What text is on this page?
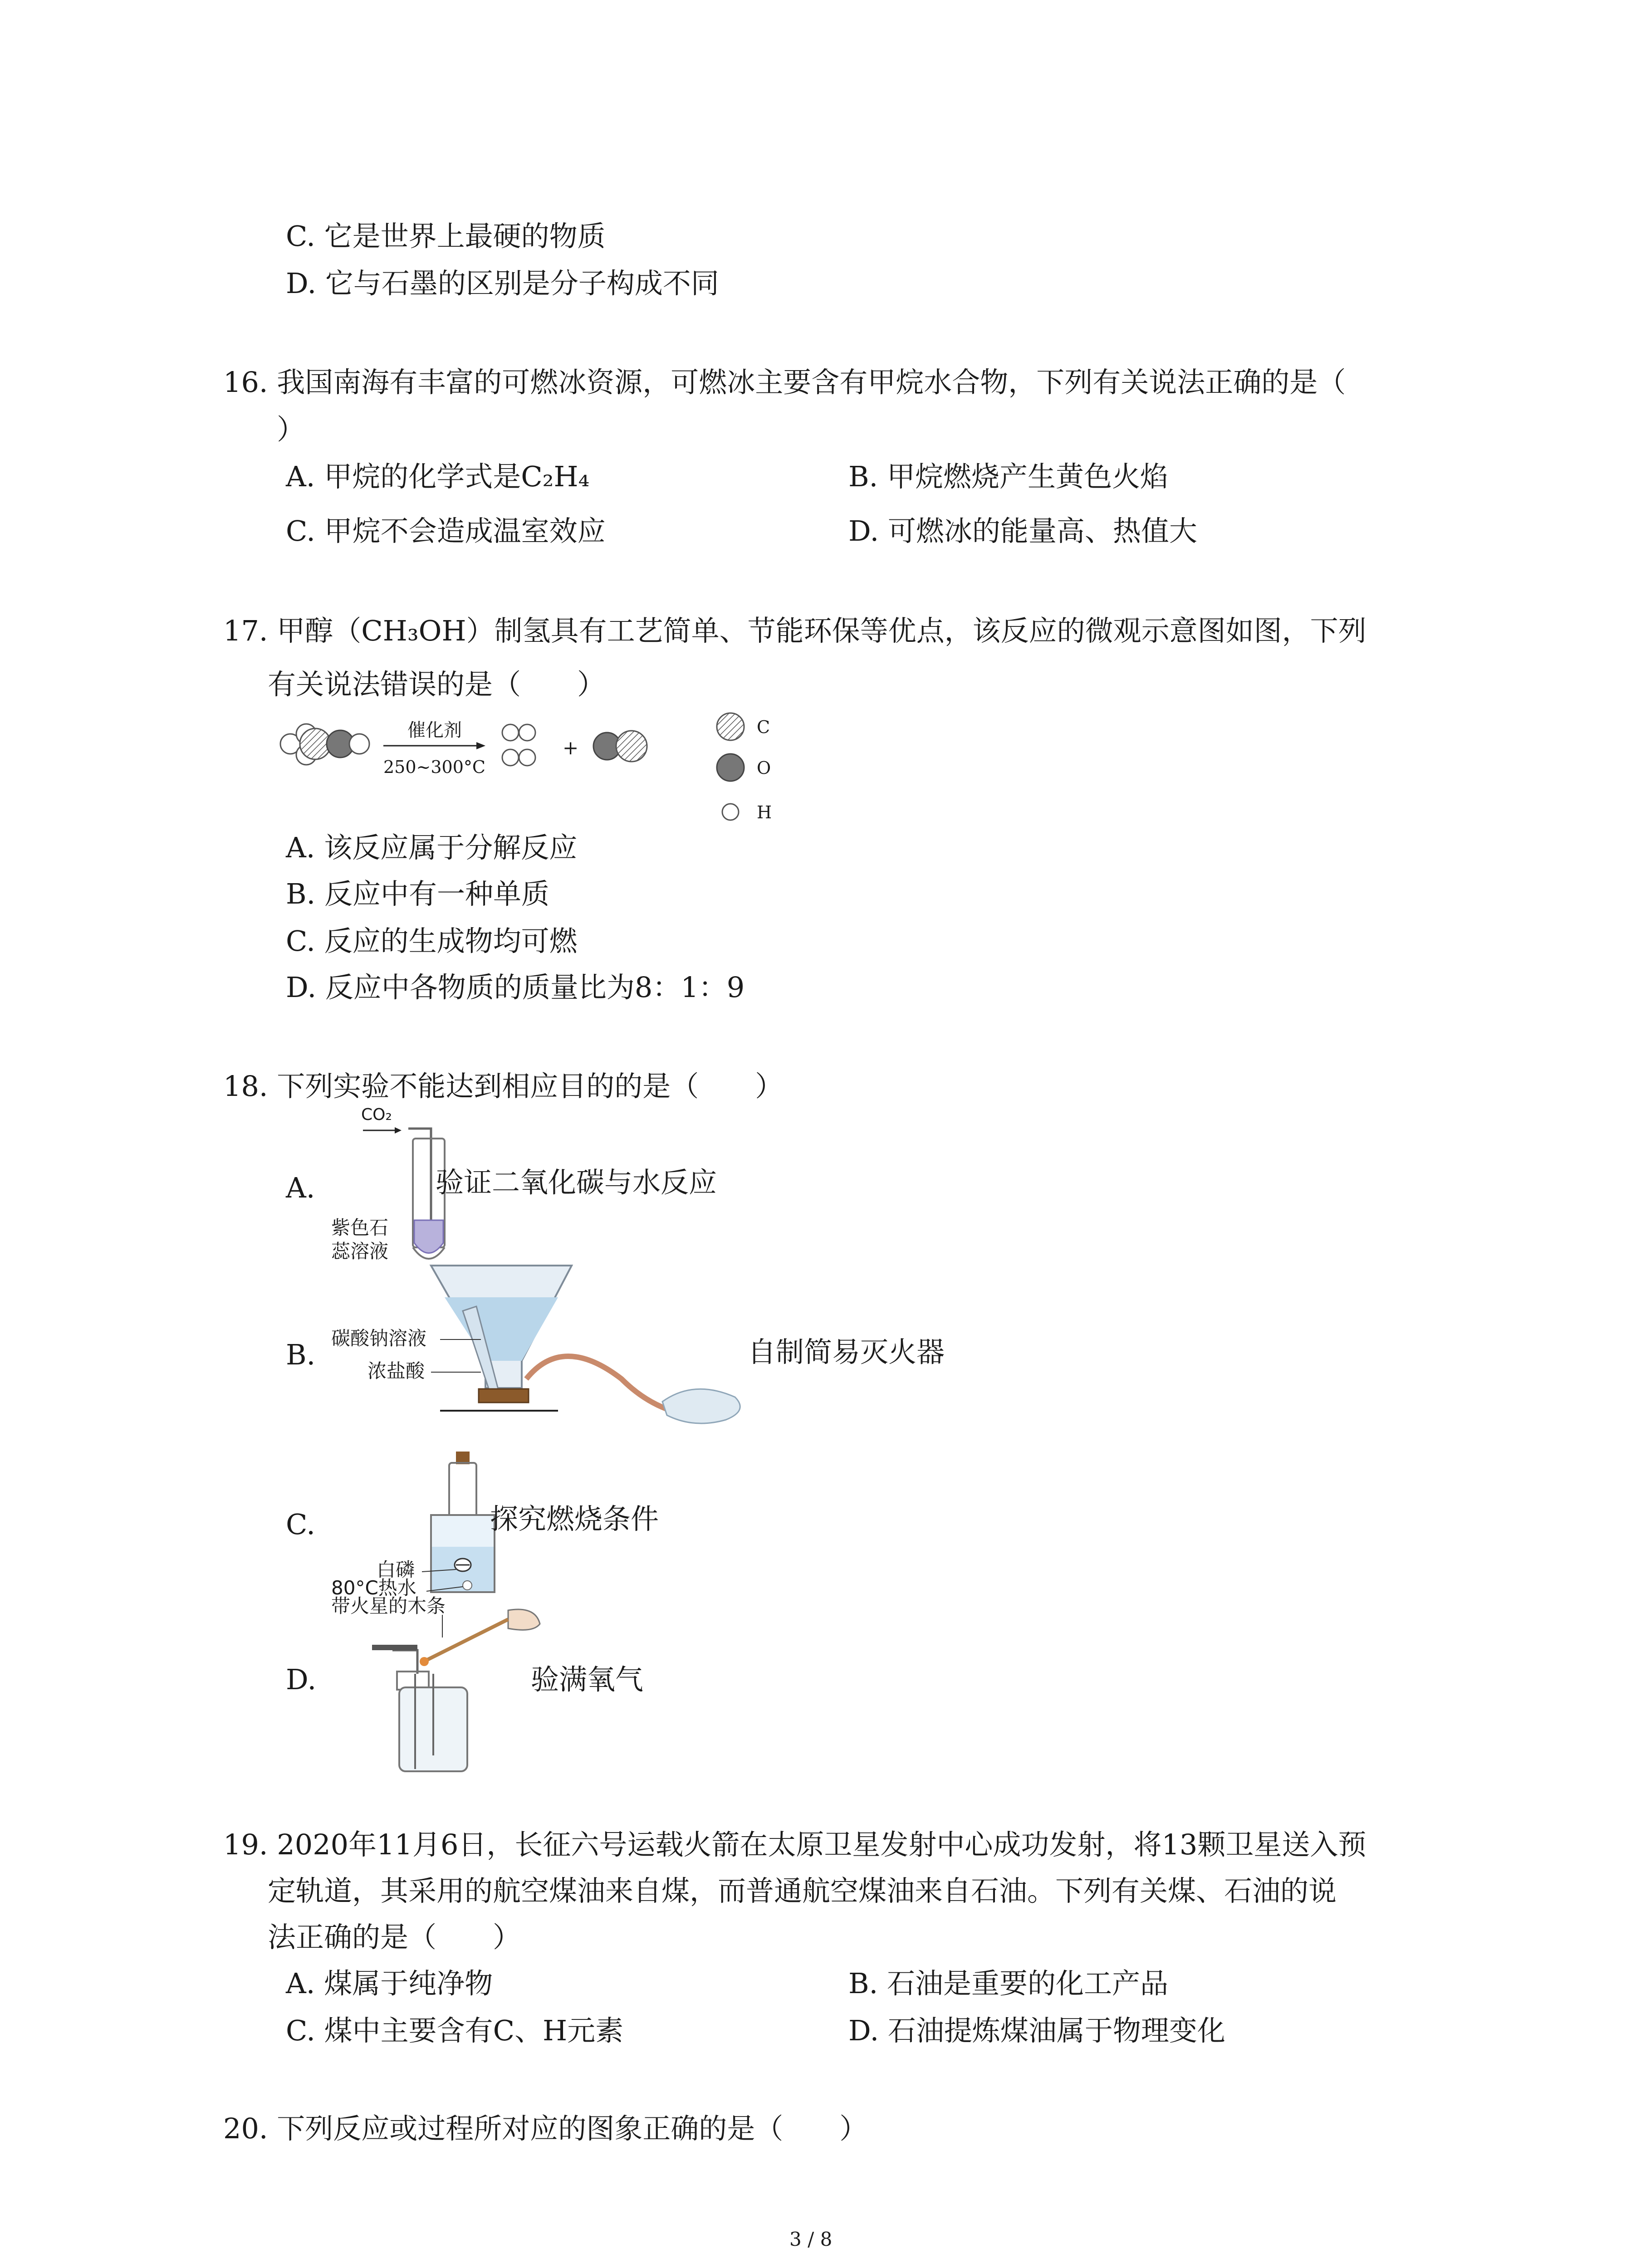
C. 它是世界上最硬的物质
D. 它与石墨的区别是分子构成不同
16. 我国南海有丰富的可燃冰资源，可燃冰主要含有甲烷水合物，下列有关说法正确的是（
）
A. 甲烷的化学式是C₂H₄	B. 甲烷燃烧产生黄色火焰
C. 甲烷不会造成温室效应	D. 可燃冰的能量高、热值大
17. 甲醇（CH₃OH）制氢具有工艺简单、节能环保等优点，该反应的微观示意图如图，下列
有关说法错误的是（　　）
催化剂
250~300°C
+
C
O
H
A. 该反应属于分解反应
B. 反应中有一种单质
C. 反应的生成物均可燃
D. 反应中各物质的质量比为8：1：9
18. 下列实验不能达到相应目的的是（　　）
A.
CO₂
紫色石
蕊溶液
验证二氧化碳与水反应
B. 碳酸钠溶液
浓盐酸
自制简易灭火器
C.
白磷
80°C热水
探究燃烧条件
D.
带火星的木条
验满氧气
19. 2020年11月6日，长征六号运载火箭在太原卫星发射中心成功发射，将13颗卫星送入预
定轨道，其采用的航空煤油来自煤，而普通航空煤油来自石油。下列有关煤、石油的说
法正确的是（　　）
A. 煤属于纯净物	B. 石油是重要的化工产品
C. 煤中主要含有C、H元素	D. 石油提炼煤油属于物理变化
20. 下列反应或过程所对应的图象正确的是（　　）
3 / 8
